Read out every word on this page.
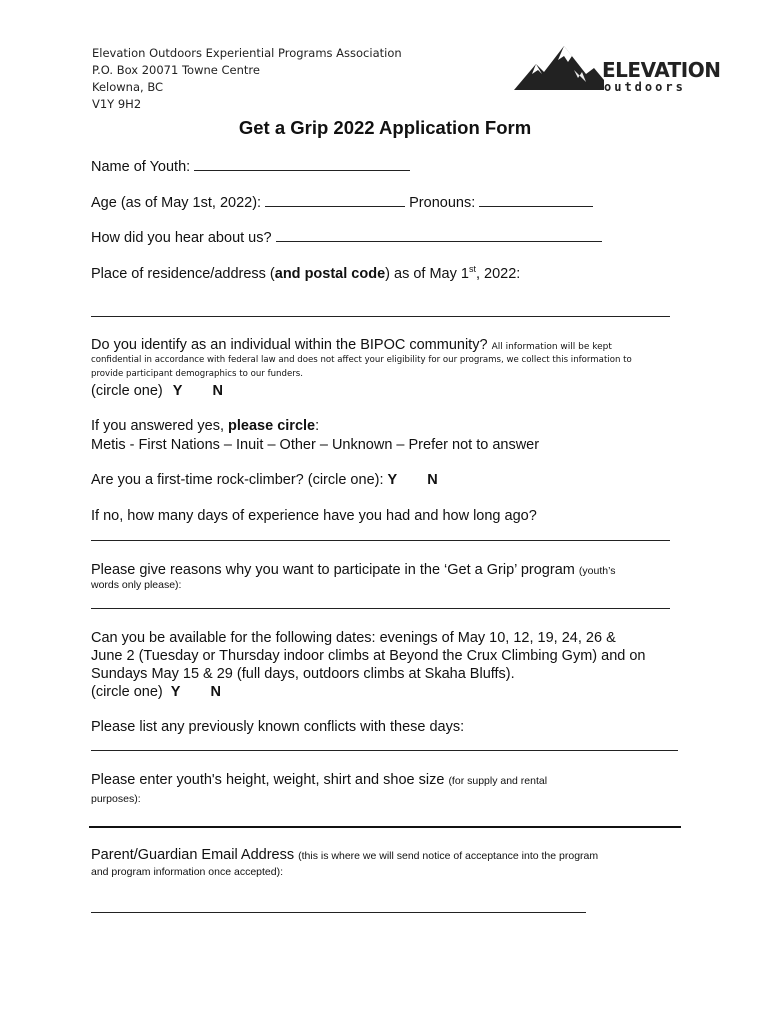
Elevation Outdoors Experiential Programs Association
P.O. Box 20071 Towne Centre
Kelowna, BC
V1Y 9H2
ELEVATION
outdoors
Get a Grip 2022 Application Form
Name of Youth:
Age (as of May 1st, 2022):	Pronouns:
How did you hear about us?
Place of residence/address (and postal code) as of May 1st, 2022:
Do you identify as an individual within the BIPOC community? All information will be kept
confidential in accordance with federal law and does not affect your eligibility for our programs, we collect this information to
provide participant demographics to our funders.
(circle one) Y N
If you answered yes, please circle:
Metis - First Nations – Inuit – Other – Unknown – Prefer not to answer
Are you a first-time rock-climber? (circle one): Y N
If no, how many days of experience have you had and how long ago?
Please give reasons why you want to participate in the ‘Get a Grip’ program (youth’s
words only please):
Can you be available for the following dates: evenings of May 10, 12, 19, 24, 26 &
June 2 (Tuesday or Thursday indoor climbs at Beyond the Crux Climbing Gym) and on
Sundays May 15 & 29 (full days, outdoors climbs at Skaha Bluffs).
(circle one) Y N
Please list any previously known conflicts with these days:
Please enter youth's height, weight, shirt and shoe size (for supply and rental
purposes):
Parent/Guardian Email Address (this is where we will send notice of acceptance into the program
and program information once accepted):
